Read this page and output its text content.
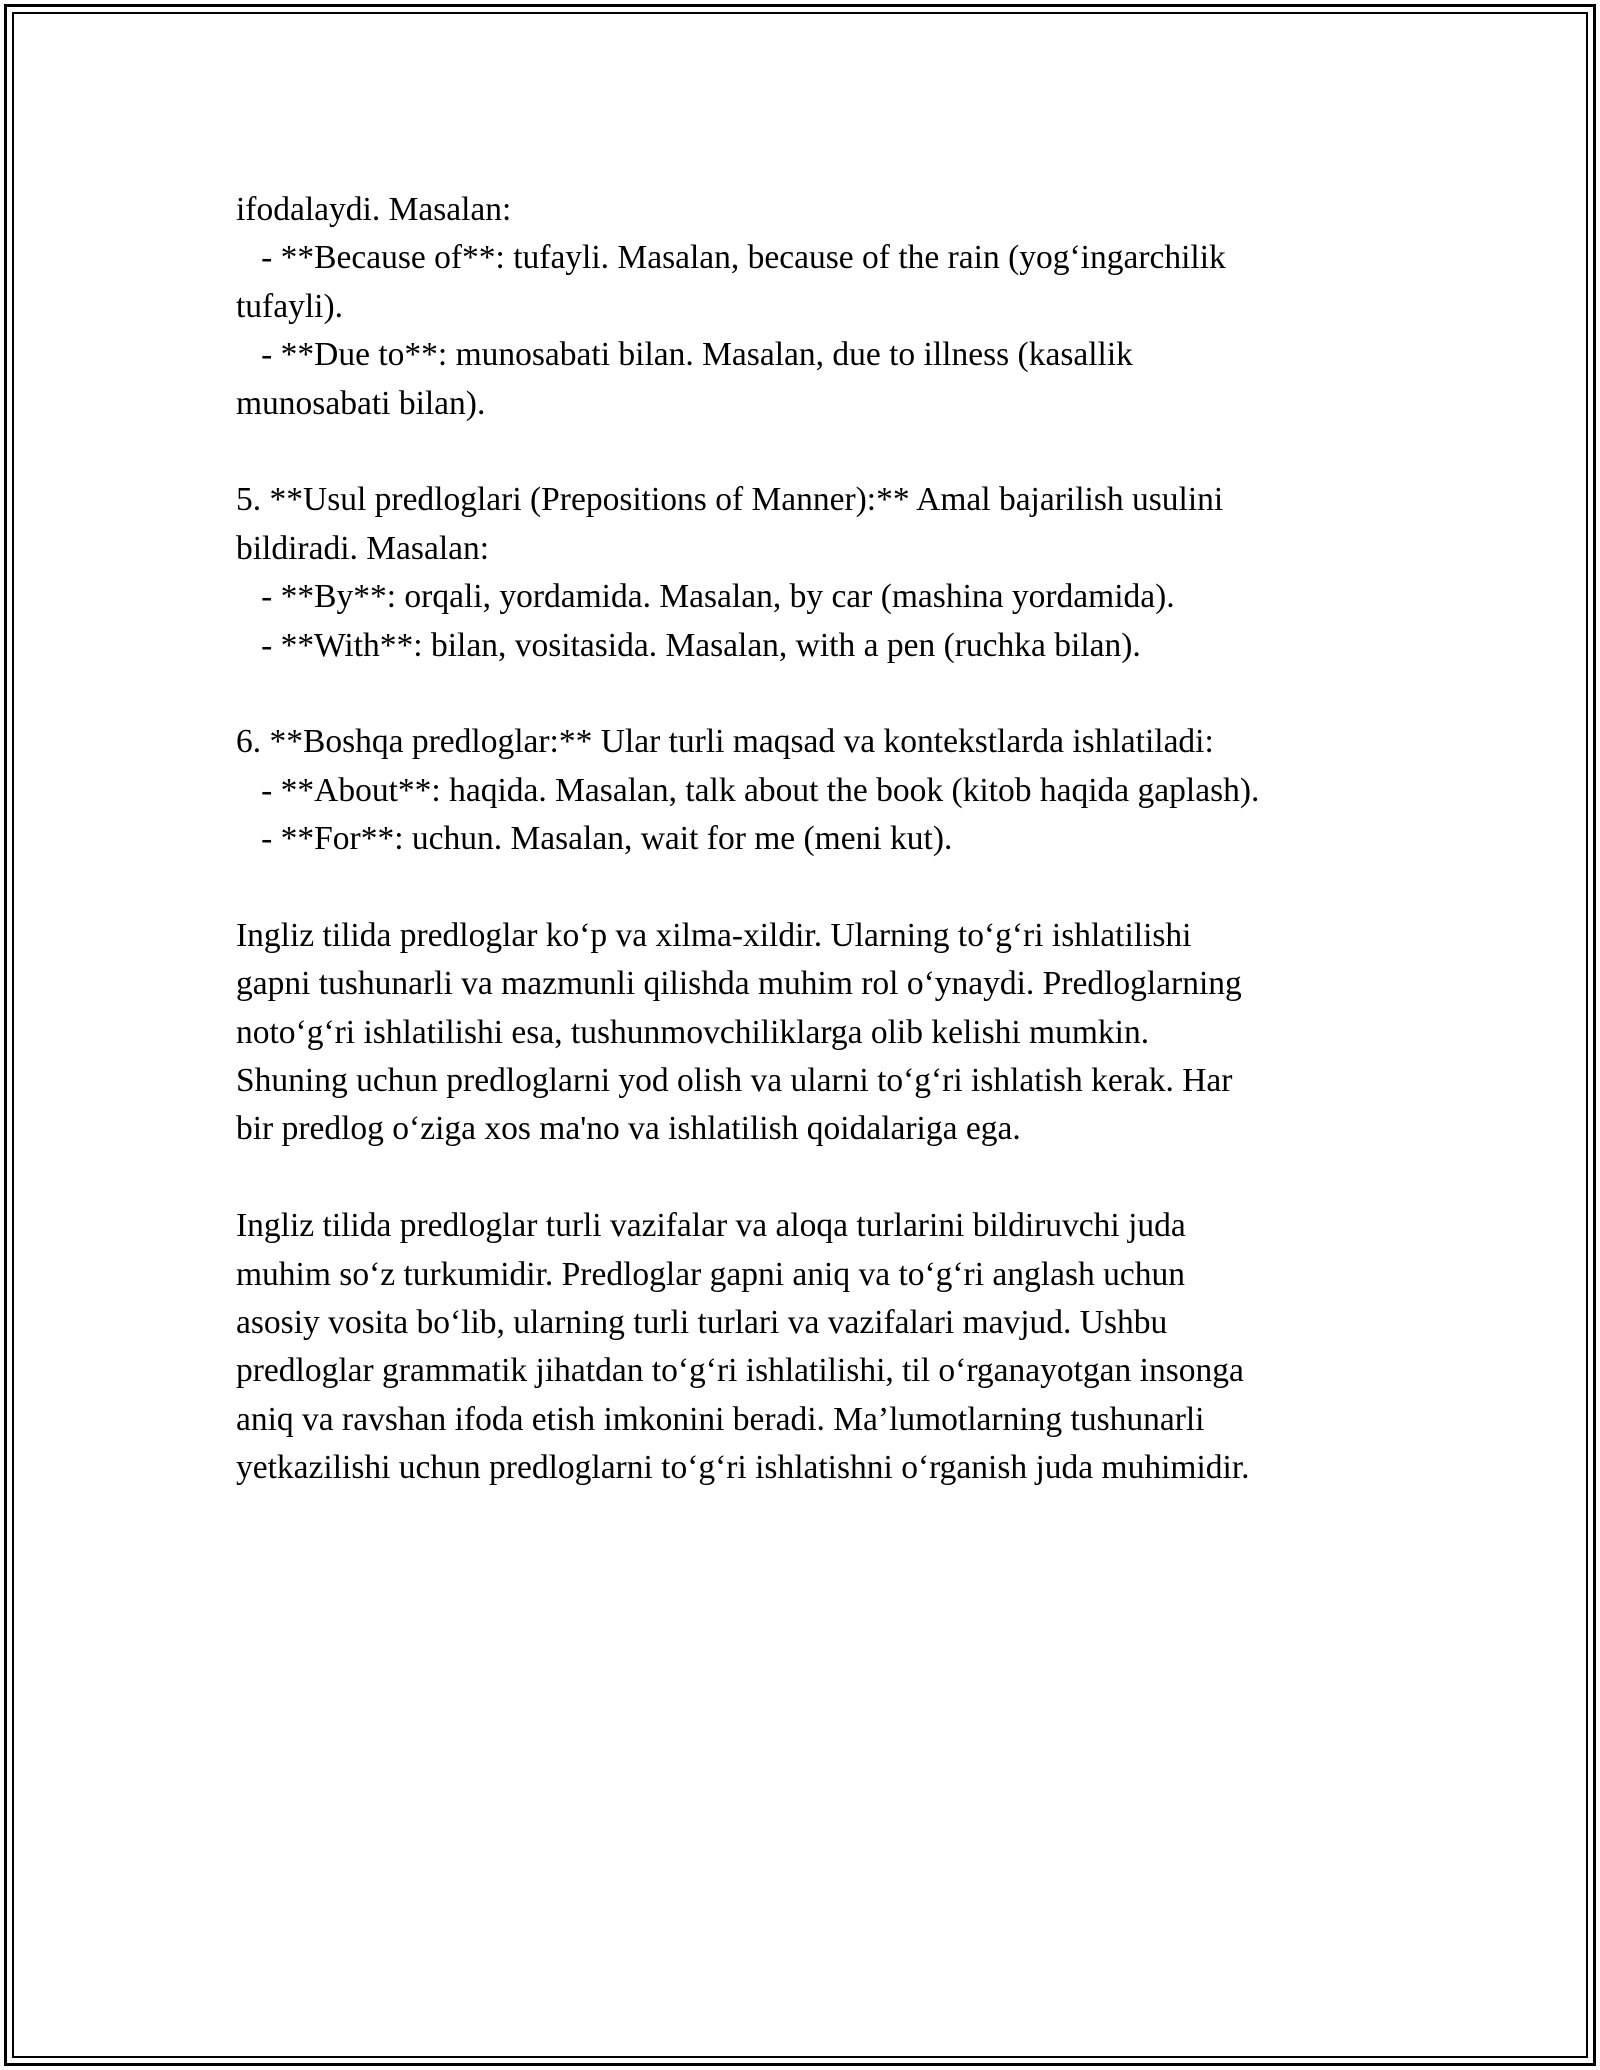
ifodalaydi. Masalan:
- **Because of**: tufayli. Masalan, because of the rain (yog‘ingarchilik
tufayli).
- **Due to**: munosabati bilan. Masalan, due to illness (kasallik
munosabati bilan).
5. **Usul predloglari (Prepositions of Manner):** Amal bajarilish usulini
bildiradi. Masalan:
- **By**: orqali, yordamida. Masalan, by car (mashina yordamida).
- **With**: bilan, vositasida. Masalan, with a pen (ruchka bilan).
6. **Boshqa predloglar:** Ular turli maqsad va kontekstlarda ishlatiladi:
- **About**: haqida. Masalan, talk about the book (kitob haqida gaplash).
- **For**: uchun. Masalan, wait for me (meni kut).
Ingliz tilida predloglar ko‘p va xilma-xildir. Ularning to‘g‘ri ishlatilishi
gapni tushunarli va mazmunli qilishda muhim rol o‘ynaydi. Predloglarning
noto‘g‘ri ishlatilishi esa, tushunmovchiliklarga olib kelishi mumkin.
Shuning uchun predloglarni yod olish va ularni to‘g‘ri ishlatish kerak. Har
bir predlog o‘ziga xos ma'no va ishlatilish qoidalariga ega.
Ingliz tilida predloglar turli vazifalar va aloqa turlarini bildiruvchi juda
muhim so‘z turkumidir. Predloglar gapni aniq va to‘g‘ri anglash uchun
asosiy vosita bo‘lib, ularning turli turlari va vazifalari mavjud. Ushbu
predloglar grammatik jihatdan to‘g‘ri ishlatilishi, til o‘rganayotgan insonga
aniq va ravshan ifoda etish imkonini beradi. Ma’lumotlarning tushunarli
yetkazilishi uchun predloglarni to‘g‘ri ishlatishni o‘rganish juda muhimidir.
